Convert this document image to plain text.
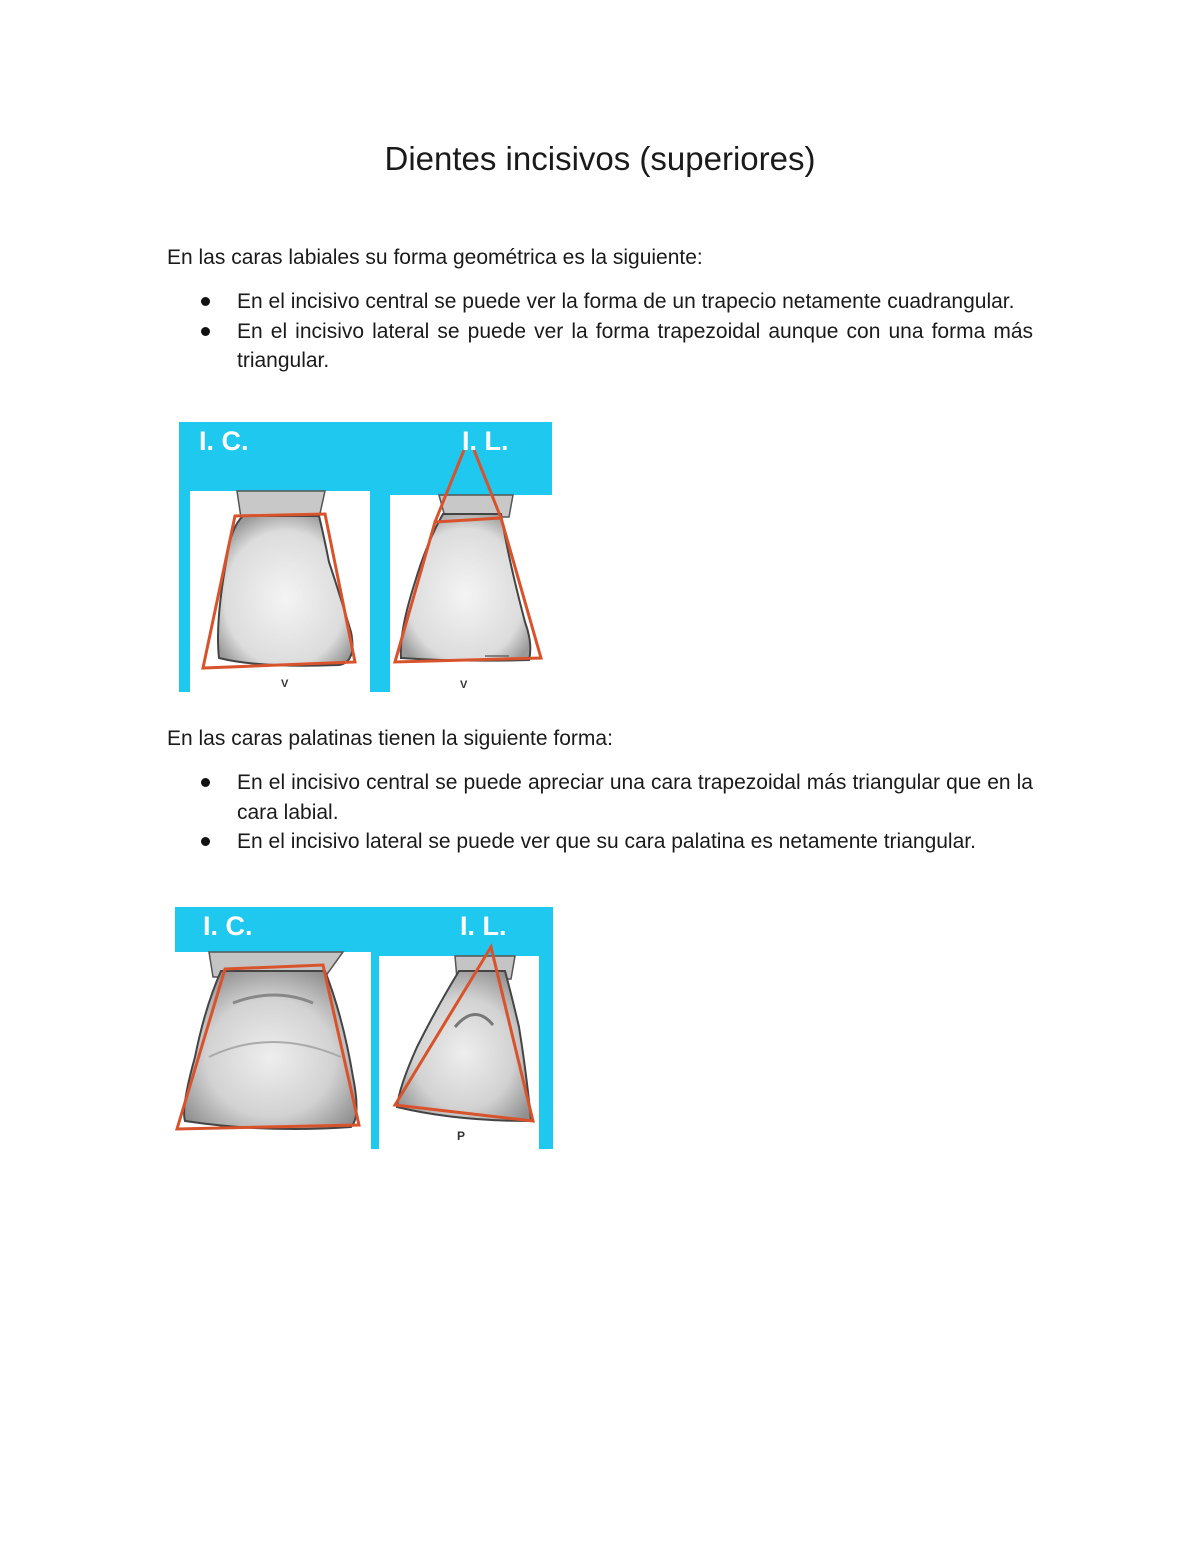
Dientes incisivos (superiores)

En las caras labiales su forma geométrica es la siguiente:

En el incisivo central se puede ver la forma de un trapecio netamente cuadrangular.
En el incisivo lateral se puede ver la forma trapezoidal aunque con una forma más triangular.
I. C.	I. L.
V	V

En las caras palatinas tienen la siguiente forma:

En el incisivo central se puede apreciar una cara trapezoidal más triangular que en la cara labial.
En el incisivo lateral se puede ver que su cara palatina es netamente triangular.
I. C.	I. L.
P
